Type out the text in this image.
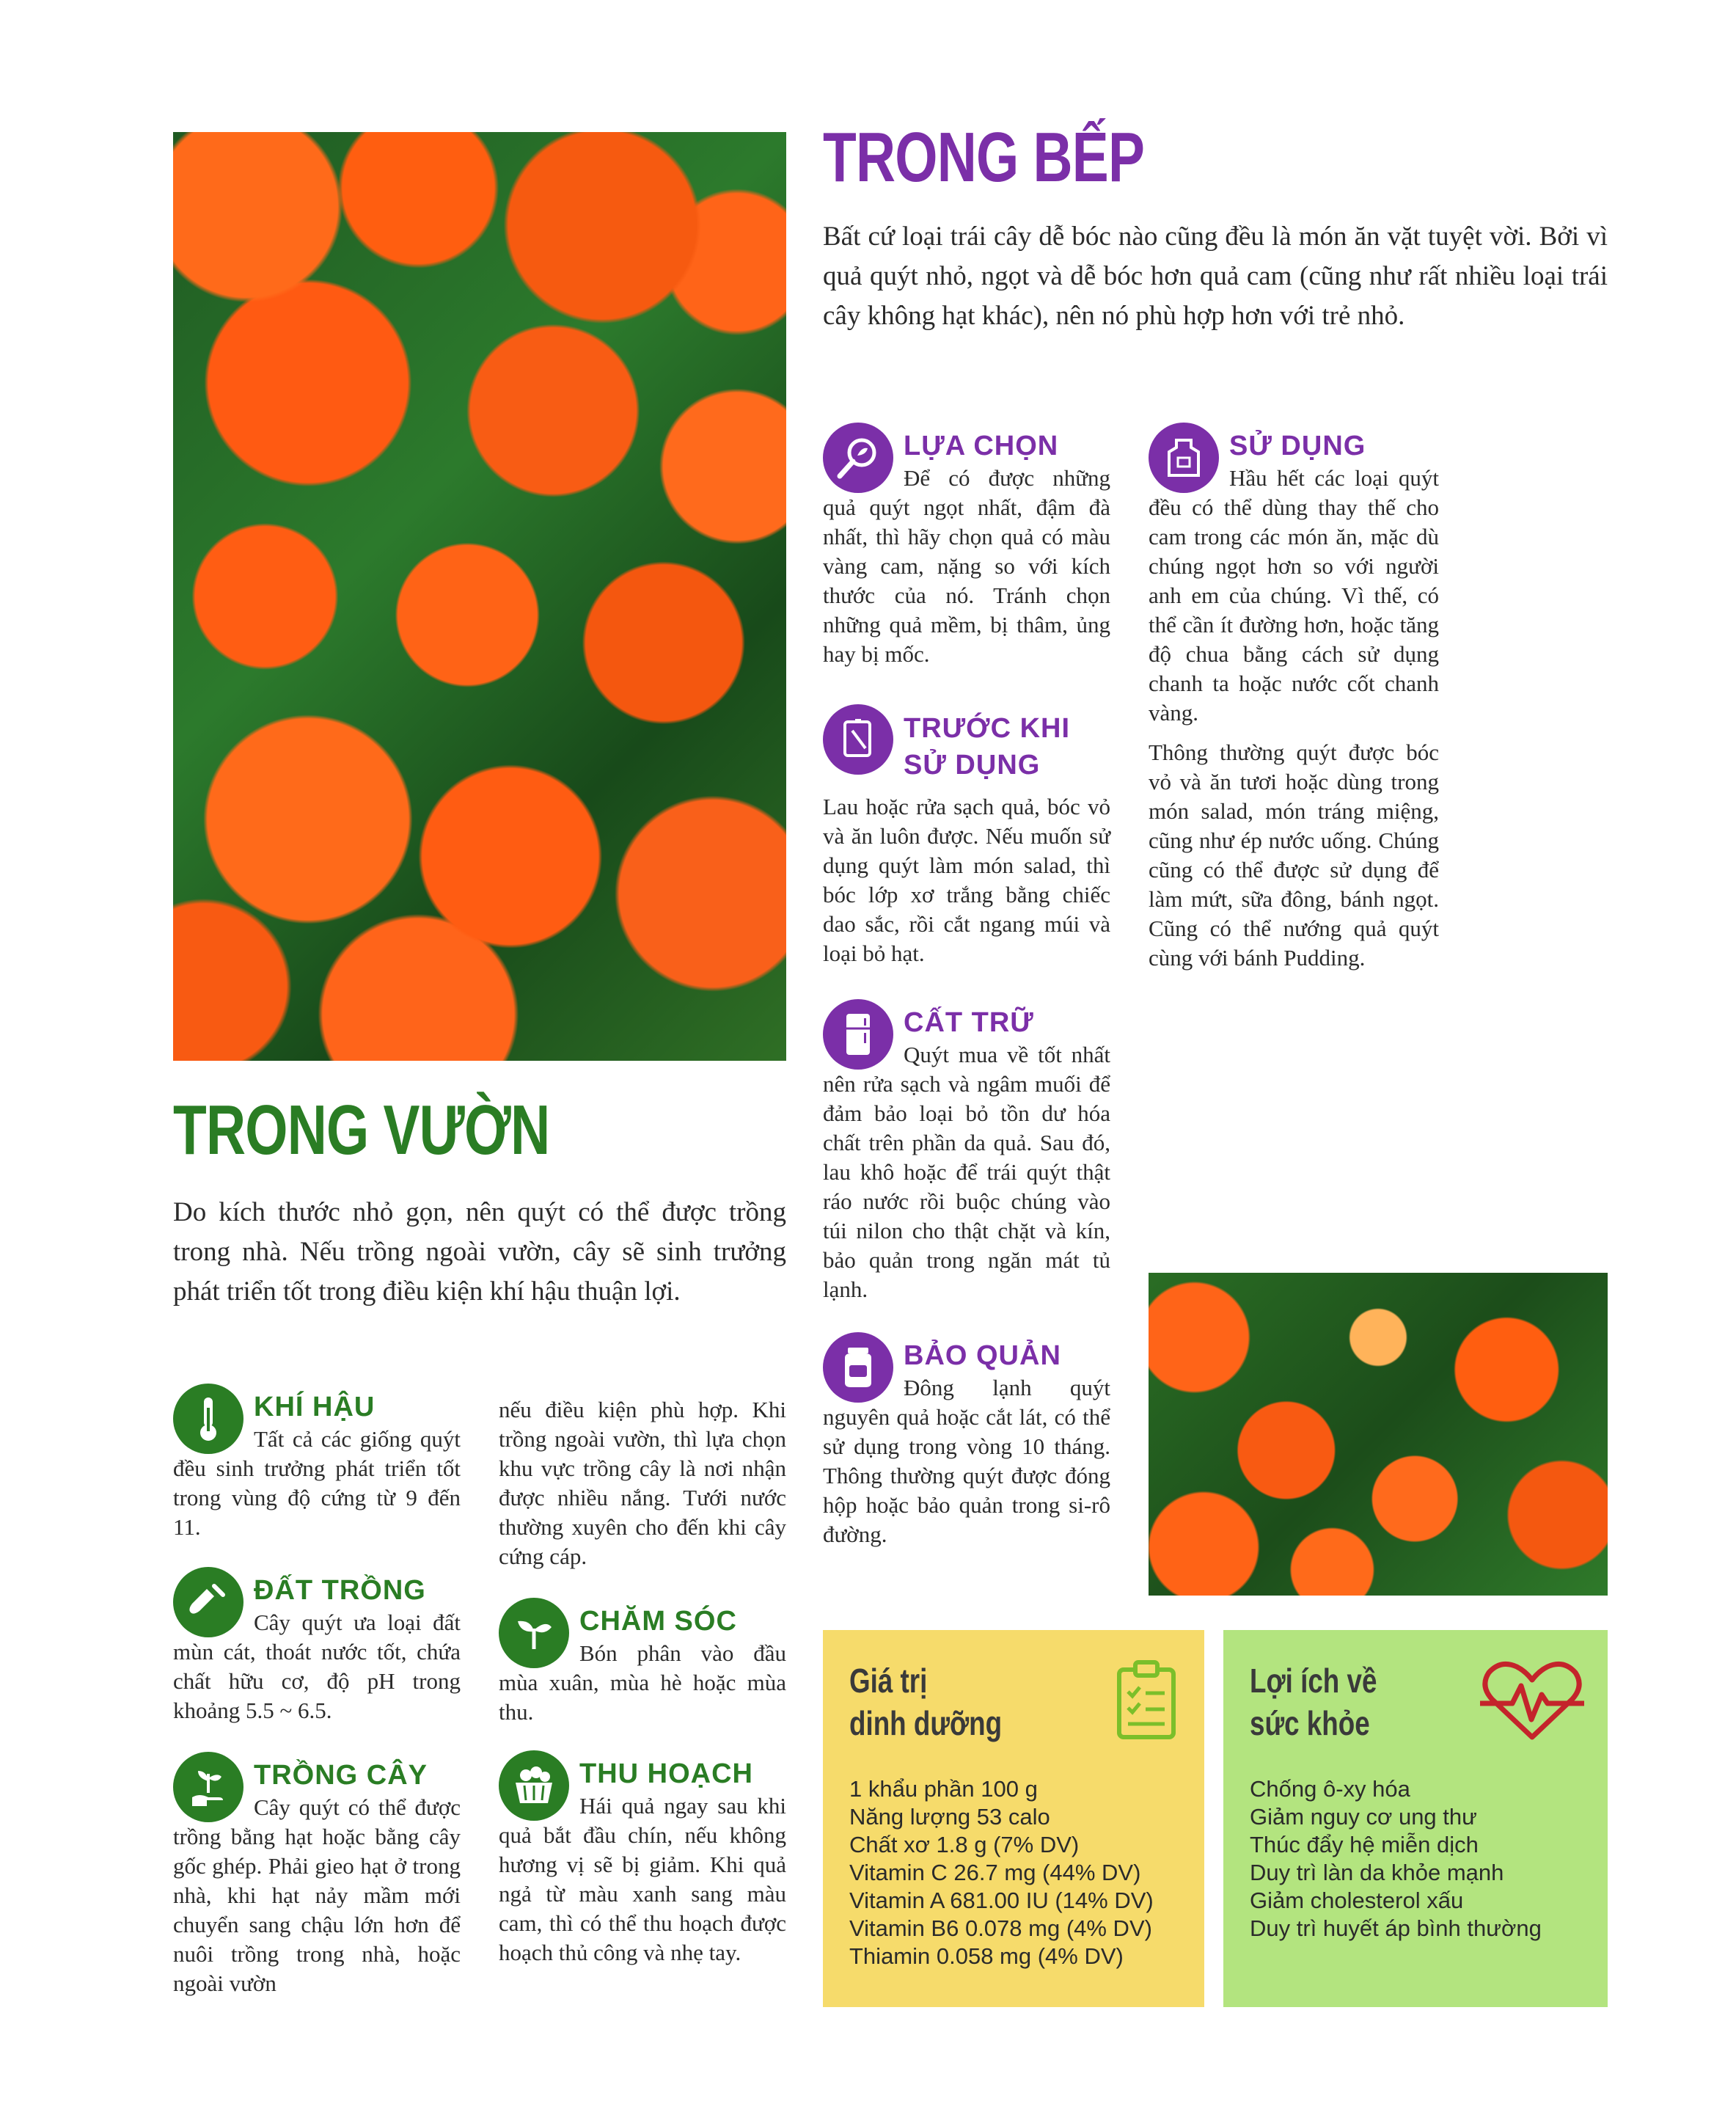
TRONG BẾP
Bất cứ loại trái cây dễ bóc nào cũng đều là món ăn vặt tuyệt vời. Bởi vì quả quýt nhỏ, ngọt và dễ bóc hơn quả cam (cũng như rất nhiều loại trái cây không hạt khác), nên nó phù hợp hơn với trẻ nhỏ.
LỰA CHỌN
Để có được những quả quýt ngọt nhất, đậm đà nhất, thì hãy chọn quả có màu vàng cam, nặng so với kích thước của nó. Tránh chọn những quả mềm, bị thâm, ủng hay bị mốc.
TRƯỚC KHI
SỬ DỤNG
Lau hoặc rửa sạch quả, bóc vỏ và ăn luôn được. Nếu muốn sử dụng quýt làm món salad, thì bóc lớp xơ trắng bằng chiếc dao sắc, rồi cắt ngang múi và loại bỏ hạt.
CẤT TRỮ
Quýt mua về tốt nhất nên rửa sạch và ngâm muối để đảm bảo loại bỏ tồn dư hóa chất trên phần da quả. Sau đó, lau khô hoặc để trái quýt thật ráo nước rồi buộc chúng vào túi nilon cho thật chặt và kín, bảo quản trong ngăn mát tủ lạnh.
BẢO QUẢN
Đông lạnh quýt nguyên quả hoặc cắt lát, có thể sử dụng trong vòng 10 tháng. Thông thường quýt được đóng hộp hoặc bảo quản trong si-rô đường.
SỬ DỤNG
Hầu hết các loại quýt đều có thể dùng thay thế cho cam trong các món ăn, mặc dù chúng ngọt hơn so với người anh em của chúng. Vì thế, có thể cần ít đường hơn, hoặc tăng độ chua bằng cách sử dụng chanh ta hoặc nước cốt chanh vàng.
Thông thường quýt được bóc vỏ và ăn tươi hoặc dùng trong món salad, món tráng miệng, cũng như ép nước uống. Chúng cũng có thể được sử dụng để làm mứt, sữa đông, bánh ngọt. Cũng có thể nướng quả quýt cùng với bánh Pudding.
TRONG VƯỜN
Do kích thước nhỏ gọn, nên quýt có thể được trồng trong nhà. Nếu trồng ngoài vườn, cây sẽ sinh trưởng phát triển tốt trong điều kiện khí hậu thuận lợi.
KHÍ HẬU
Tất cả các giống quýt đều sinh trưởng phát triển tốt trong vùng độ cứng từ 9 đến 11.
ĐẤT TRỒNG
Cây quýt ưa loại đất mùn cát, thoát nước tốt, chứa chất hữu cơ, độ pH trong khoảng 5.5 ~ 6.5.
TRỒNG CÂY
Cây quýt có thể được trồng bằng hạt hoặc bằng cây gốc ghép. Phải gieo hạt ở trong nhà, khi hạt nảy mầm mới chuyển sang chậu lớn hơn để nuôi trồng trong nhà, hoặc ngoài vườn
nếu điều kiện phù hợp. Khi trồng ngoài vườn, thì lựa chọn khu vực trồng cây là nơi nhận được nhiều nắng. Tưới nước thường xuyên cho đến khi cây cứng cáp.
CHĂM SÓC
Bón phân vào đầu mùa xuân, mùa hè hoặc mùa thu.
THU HOẠCH
Hái quả ngay sau khi quả bắt đầu chín, nếu không hương vị sẽ bị giảm. Khi quả ngả từ màu xanh sang màu cam, thì có thể thu hoạch được hoạch thủ công và nhẹ tay.
Giá trị
dinh dưỡng
1 khẩu phần 100 g
Năng lượng 53 calo
Chất xơ 1.8 g (7% DV)
Vitamin C 26.7 mg (44% DV)
Vitamin A 681.00 IU (14% DV)
Vitamin B6 0.078 mg (4% DV)
Thiamin 0.058 mg (4% DV)
Lợi ích về
sức khỏe
Chống ô-xy hóa
Giảm nguy cơ ung thư
Thúc đẩy hệ miễn dịch
Duy trì làn da khỏe mạnh
Giảm cholesterol xấu
Duy trì huyết áp bình thường
